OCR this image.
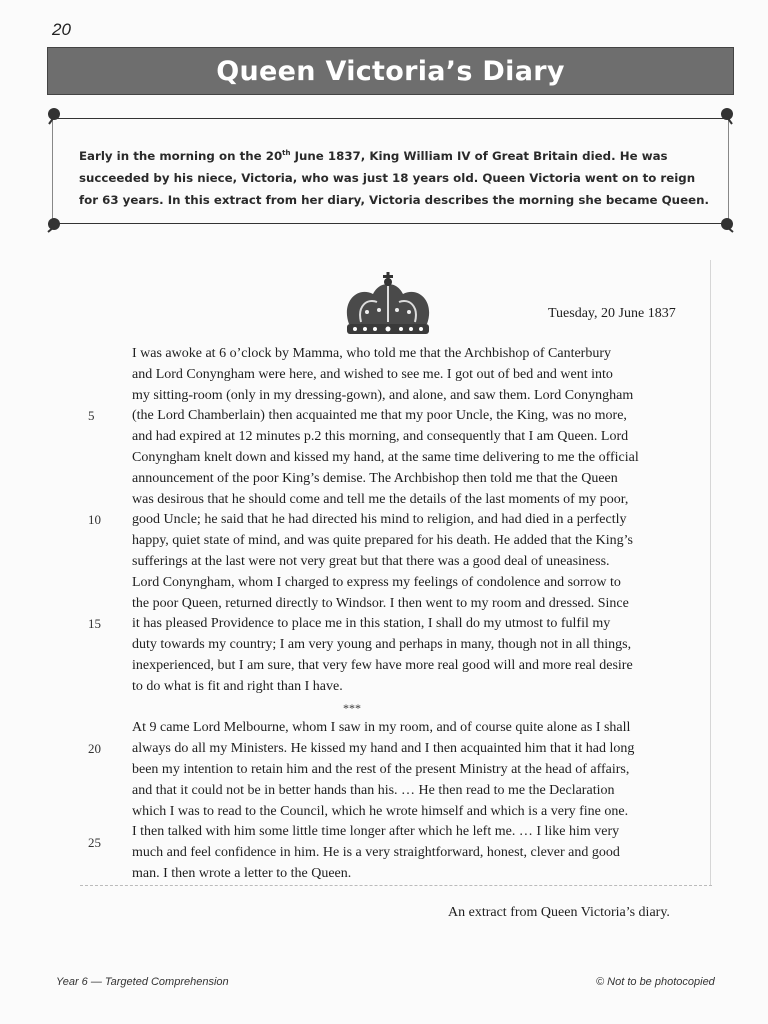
20
Queen Victoria’s Diary
Early in the morning on the 20th June 1837, King William IV of Great Britain died. He was
succeeded by his niece, Victoria, who was just 18 years old. Queen Victoria went on to reign
for 63 years. In this extract from her diary, Victoria describes the morning she became Queen.
Tuesday, 20 June 1837
5
10
15
20
25
I was awoke at 6 o’clock by Mamma, who told me that the Archbishop of Canterbury
and Lord Conyngham were here, and wished to see me. I got out of bed and went into
my sitting-room (only in my dressing-gown), and alone, and saw them. Lord Conyngham
(the Lord Chamberlain) then acquainted me that my poor Uncle, the King, was no more,
and had expired at 12 minutes p.2 this morning, and consequently that I am Queen. Lord
Conyngham knelt down and kissed my hand, at the same time delivering to me the official
announcement of the poor King’s demise. The Archbishop then told me that the Queen
was desirous that he should come and tell me the details of the last moments of my poor,
good Uncle; he said that he had directed his mind to religion, and had died in a perfectly
happy, quiet state of mind, and was quite prepared for his death. He added that the King’s
sufferings at the last were not very great but that there was a good deal of uneasiness.
Lord Conyngham, whom I charged to express my feelings of condolence and sorrow to
the poor Queen, returned directly to Windsor. I then went to my room and dressed. Since
it has pleased Providence to place me in this station, I shall do my utmost to fulfil my
duty towards my country; I am very young and perhaps in many, though not in all things,
inexperienced, but I am sure, that very few have more real good will and more real desire
to do what is fit and right than I have.
***
At 9 came Lord Melbourne, whom I saw in my room, and of course quite alone as I shall
always do all my Ministers. He kissed my hand and I then acquainted him that it had long
been my intention to retain him and the rest of the present Ministry at the head of affairs,
and that it could not be in better hands than his. … He then read to me the Declaration
which I was to read to the Council, which he wrote himself and which is a very fine one.
I then talked with him some little time longer after which he left me. … I like him very
much and feel confidence in him. He is a very straightforward, honest, clever and good
man. I then wrote a letter to the Queen.
An extract from Queen Victoria’s diary.
Year 6 — Targeted Comprehension	© Not to be photocopied
